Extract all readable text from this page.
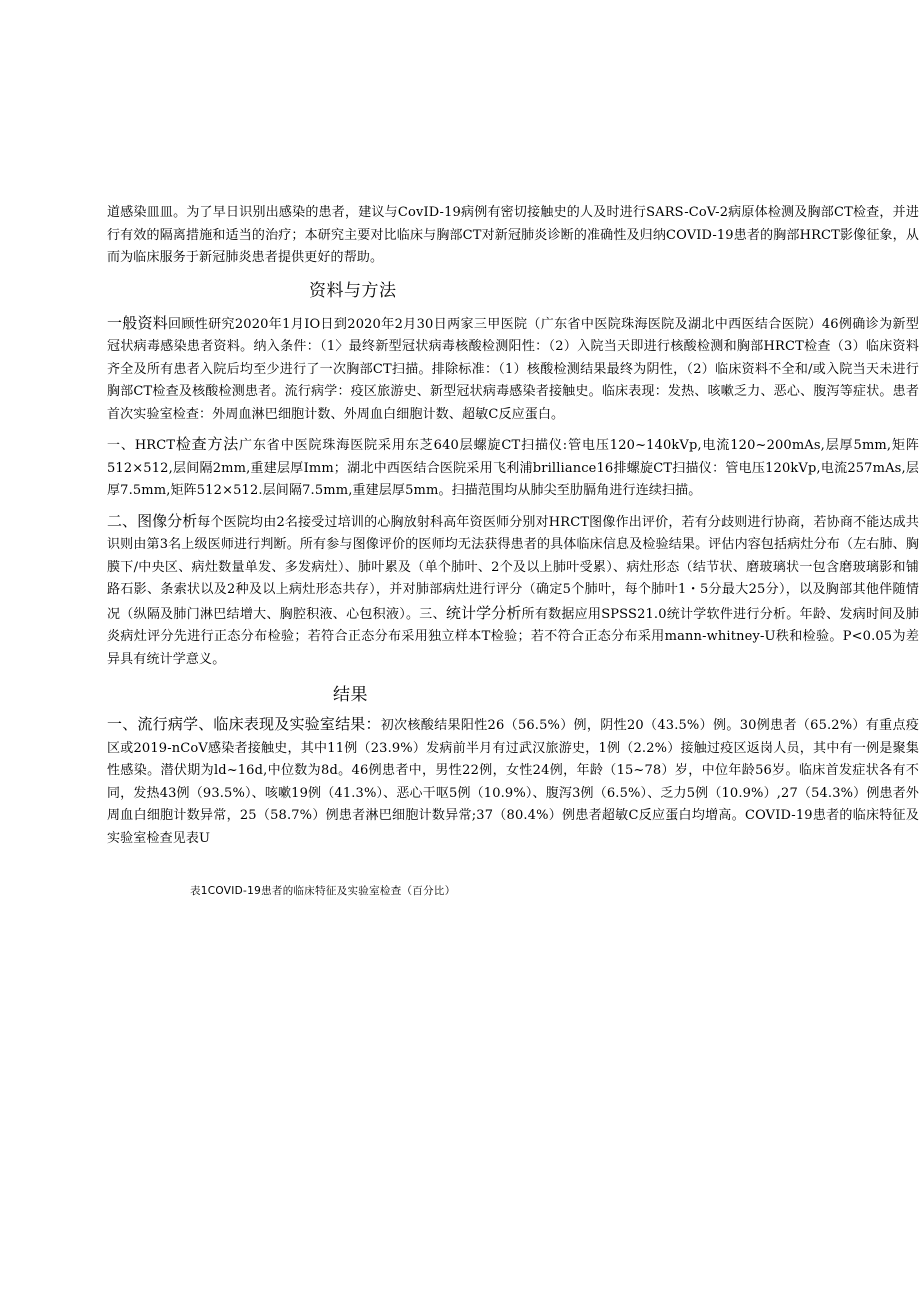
道感染皿皿。为了早日识别出感染的患者，建议与CovID-19病例有密切接触史的人及时进行SARS-CoV-2病原体检测及胸部CT检查，并进行有效的隔离措施和适当的治疗；本研究主要对比临床与胸部CT对新冠肺炎诊断的准确性及归纳COVID-19患者的胸部HRCT影像征象，从而为临床服务于新冠肺炎患者提供更好的帮助。

资料与方法

一般资料回顾性研究2020年1月IO日到2020年2月30日两家三甲医院（广东省中医院珠海医院及湖北中西医结合医院）46例确诊为新型冠状病毒感染患者资料。纳入条件：（1〉最终新型冠状病毒核酸检测阳性：（2）入院当天即进行核酸检测和胸部HRCT检查（3）临床资料齐全及所有患者入院后均至少进行了一次胸部CT扫描。排除标准：（1）核酸检测结果最终为阴性，（2）临床资料不全和/或入院当天未进行胸部CT检查及核酸检测患者。流行病学：疫区旅游史、新型冠状病毒感染者接触史。临床表现：发热、咳嗽乏力、恶心、腹泻等症状。患者首次实验室检查：外周血淋巴细胞计数、外周血白细胞计数、超敏C反应蛋白。

一、HRCT检查方法广东省中医院珠海医院采用东芝640层螺旋CT扫描仪:管电压120~140kVp,电流120~200mAs,层厚5mm,矩阵512×512,层间隔2mm,重建层厚Imm；湖北中西医结合医院采用飞利浦brilliance16排螺旋CT扫描仪：管电压120kVp,电流257mAs,层厚7.5mm,矩阵512×512.层间隔7.5mm,重建层厚5mm。扫描范围均从肺尖至肋膈角进行连续扫描。

二、图像分析每个医院均由2名接受过培训的心胸放射科高年资医师分别对HRCT图像作出评价，若有分歧则进行协商，若协商不能达成共识则由第3名上级医师进行判断。所有参与图像评价的医师均无法获得患者的具体临床信息及检验结果。评估内容包括病灶分布（左右肺、胸膜下/中央区、病灶数量单发、多发病灶）、肺叶累及（单个肺叶、2个及以上肺叶受累）、病灶形态（结节状、磨玻璃状一包含磨玻璃影和铺路石影、条索状以及2种及以上病灶形态共存），并对肺部病灶进行评分（确定5个肺叶，每个肺叶1・5分最大25分），以及胸部其他伴随情况（纵隔及肺门淋巴结增大、胸腔积液、心包积液）。三、统计学分析所有数据应用SPSS21.0统计学软件进行分析。年龄、发病时间及肺炎病灶评分先进行正态分布检验；若符合正态分布采用独立样本T检验；若不符合正态分布采用mann-whitney-U秩和检验。P<0.05为差异具有统计学意义。

结果

一、流行病学、临床表现及实验室结果：初次核酸结果阳性26（56.5%）例，阴性20（43.5%）例。30例患者（65.2%）有重点疫区或2019-nCoV感染者接触史，其中11例（23.9%）发病前半月有过武汉旅游史，1例（2.2%）接触过疫区返岗人员，其中有一例是聚集性感染。潜伏期为ld~16d,中位数为8d。46例患者中，男性22例，女性24例，年龄（15~78）岁，中位年龄56岁。临床首发症状各有不同，发热43例（93.5%）、咳嗽19例（41.3%）、恶心干呕5例（10.9%）、腹泻3例（6.5%）、乏力5例（10.9%）,27（54.3%）例患者外周血白细胞计数异常，25（58.7%）例患者淋巴细胞计数异常;37（80.4%）例患者超敏C反应蛋白均增高。COVID-19患者的临床特征及实验室检查见表U

表1COVID-19患者的临床特征及实验室检查（百分比）
